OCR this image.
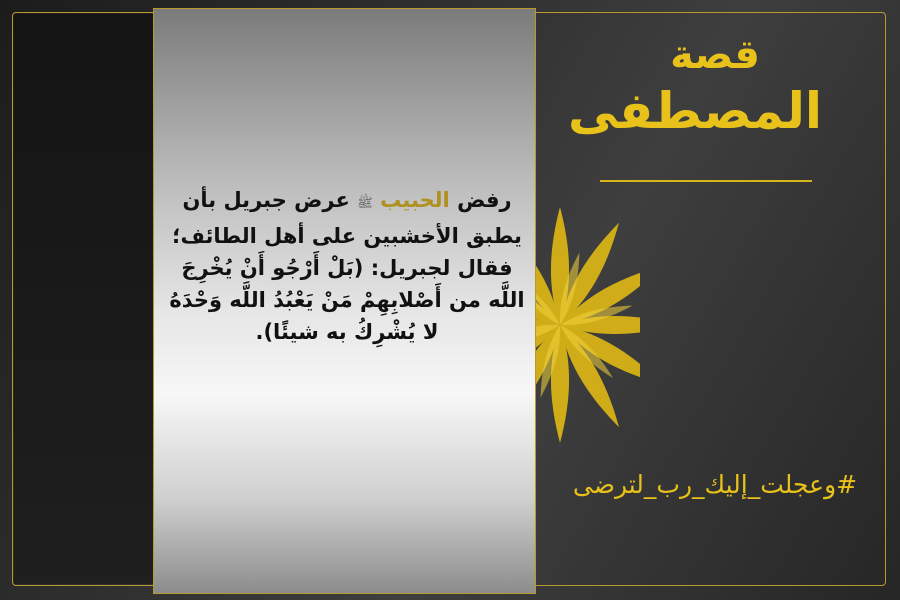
رفض الحبيب ﷺ عرض جبريل بأن
يطبق الأخشبين على أهل الطائف؛
فقال لجبريل: (بَلْ أَرْجُو أَنْ يُخْرِجَ
اللَّه من أَصْلابِهِمْ مَنْ يَعْبُدُ اللَّه وَحْدَهُ
لا يُشْرِكُ به شيئًا).
قصة
المصطفى
#وعجلت_إليك_رب_لترضى
